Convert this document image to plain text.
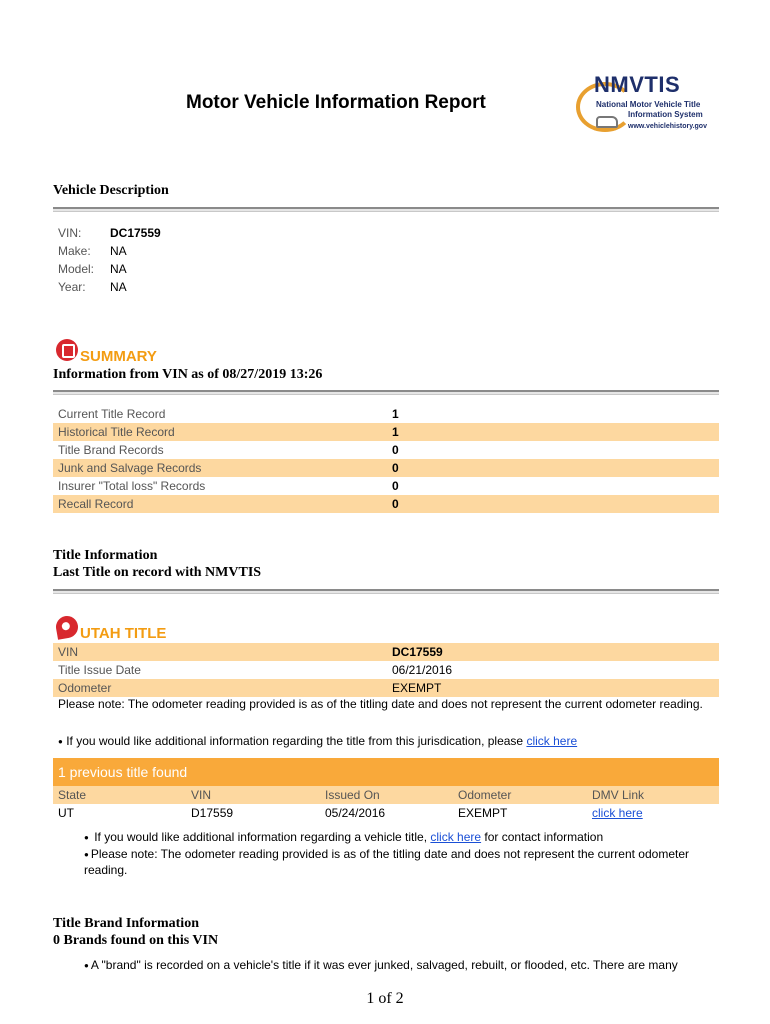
Motor Vehicle Information Report
NMVTIS
National Motor Vehicle Title
Information System
www.vehiclehistory.gov
Vehicle Description
VIN:	DC17559
Make:	NA
Model:	NA
Year:	NA
SUMMARY
Information from VIN as of 08/27/2019 13:26
Current Title Record	1
Historical Title Record	1
Title Brand Records	0
Junk and Salvage Records	0
Insurer "Total loss" Records	0
Recall Record	0
Title Information
Last Title on record with NMVTIS
UTAH TITLE
VIN	DC17559
Title Issue Date	06/21/2016
Odometer	EXEMPT
Please note: The odometer reading provided is as of the titling date and does not represent the current odometer reading.
● If you would like additional information regarding the title from this jurisdication, please click here
1 previous title found
State	VIN	Issued On	Odometer	DMV Link
UT	D17559	05/24/2016	EXEMPT	click here
● If you would like additional information regarding a vehicle title, click here for contact information
● Please note: The odometer reading provided is as of the titling date and does not represent the current odometer reading.
Title Brand Information
0 Brands found on this VIN
● A "brand" is recorded on a vehicle's title if it was ever junked, salvaged, rebuilt, or flooded, etc. There are many
1 of 2
